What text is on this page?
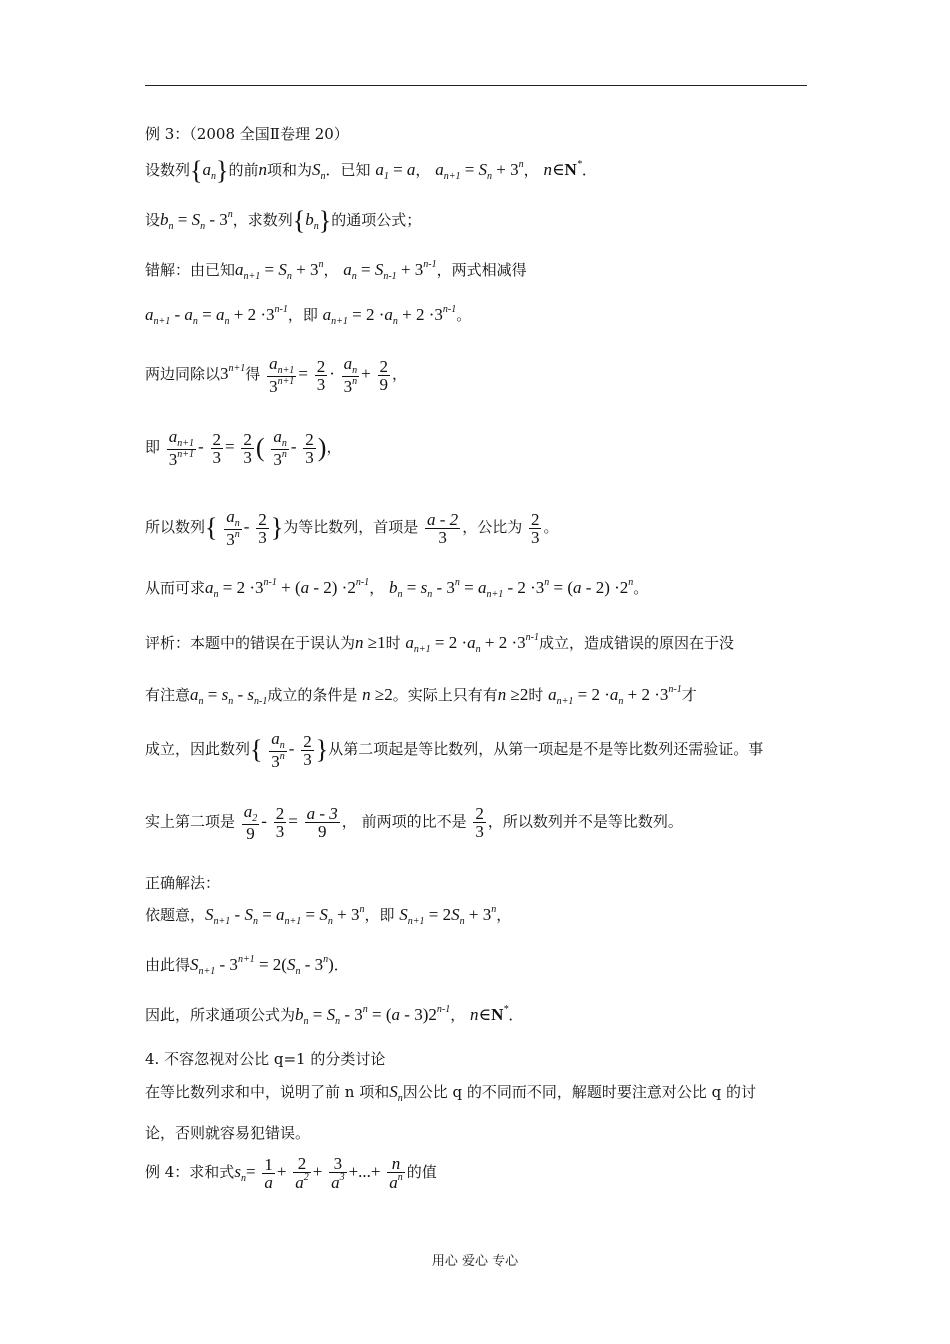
例 3：（2008 全国Ⅱ卷理 20）
设数列$\{a_n\}$的前n项和为$S_n$．已知 $a_1 = a$， $a_{n+1} = S_n + 3^n$， n∈N*．
设$b_n = S_n - 3^n$，求数列$\{b_n\}$的通项公式；
错解：由已知$a_{n+1} = S_n + 3^n$， $a_n = S_{n-1} + 3^{n-1}$，两式相减得
$a_{n+1} - a_n = a_n + 2 \cdot 3^{n-1}$，即 $a_{n+1} = 2 \cdot a_n + 2 \cdot 3^{n-1}$。
两边同除以$3^{n+1}$得 $\frac{a_{n+1}}{3^{n+1}} = \frac{2}{3} \cdot \frac{a_n}{3^n} + \frac{2}{9}$ ，
即 $\frac{a_{n+1}}{3^{n+1}} - \frac{2}{3} = \frac{2}{3}$ ( $\frac{a_n}{3^n} - \frac{2}{3}$ )，
所以数列{ $\frac{a_n}{3^n} - \frac{2}{3}$ }为等比数列，首项是 $\frac{a - 2}{3}$ ，公比为 $\frac{2}{3}$ 。
从而可求$a_n = 2 \cdot 3^{n-1} + (a - 2) \cdot 2^{n-1}$， $b_n = s_n - 3^n = a_{n+1} - 2 \cdot 3^n = (a - 2) \cdot 2^n$。
评析：本题中的错误在于误认为n ≥1时 $a_{n+1} = 2 \cdot a_n + 2 \cdot 3^{n-1}$成立，造成错误的原因在于没
有注意$a_n = s_n - s_{n-1}$成立的条件是 n ≥2。实际上只有有n ≥2时 $a_{n+1} = 2 \cdot a_n + 2 \cdot 3^{n-1}$才
成立，因此数列{ $\frac{a_n}{3^n} - \frac{2}{3}$ }从第二项起是等比数列，从第一项起是不是等比数列还需验证。事
实上第二项是 $\frac{a_2}{9} - \frac{2}{3} = \frac{a - 3}{9}$ ， 前两项的比不是 $\frac{2}{3}$ ，所以数列并不是等比数列。
正确解法：
依题意，$S_{n+1} - S_n = a_{n+1} = S_n + 3^n$，即 $S_{n+1} = 2S_n + 3^n$，
由此得$S_{n+1} - 3^{n+1} = 2(S_n - 3^n)$．
因此，所求通项公式为$b_n = S_n - 3^n = (a - 3)2^{n-1}$， n∈N*．
4. 不容忽视对公比 q=1 的分类讨论
在等比数列求和中，说明了前 n 项和$S_n$因公比 q 的不同而不同，解题时要注意对公比 q 的讨
论，否则就容易犯错误。
例 4：求和式$s_n= \frac{1}{a} + \frac{2}{a^2} + \frac{3}{a^3}$ +...+ $\frac{n}{a^n}$ 的值
用心 爱心 专心
